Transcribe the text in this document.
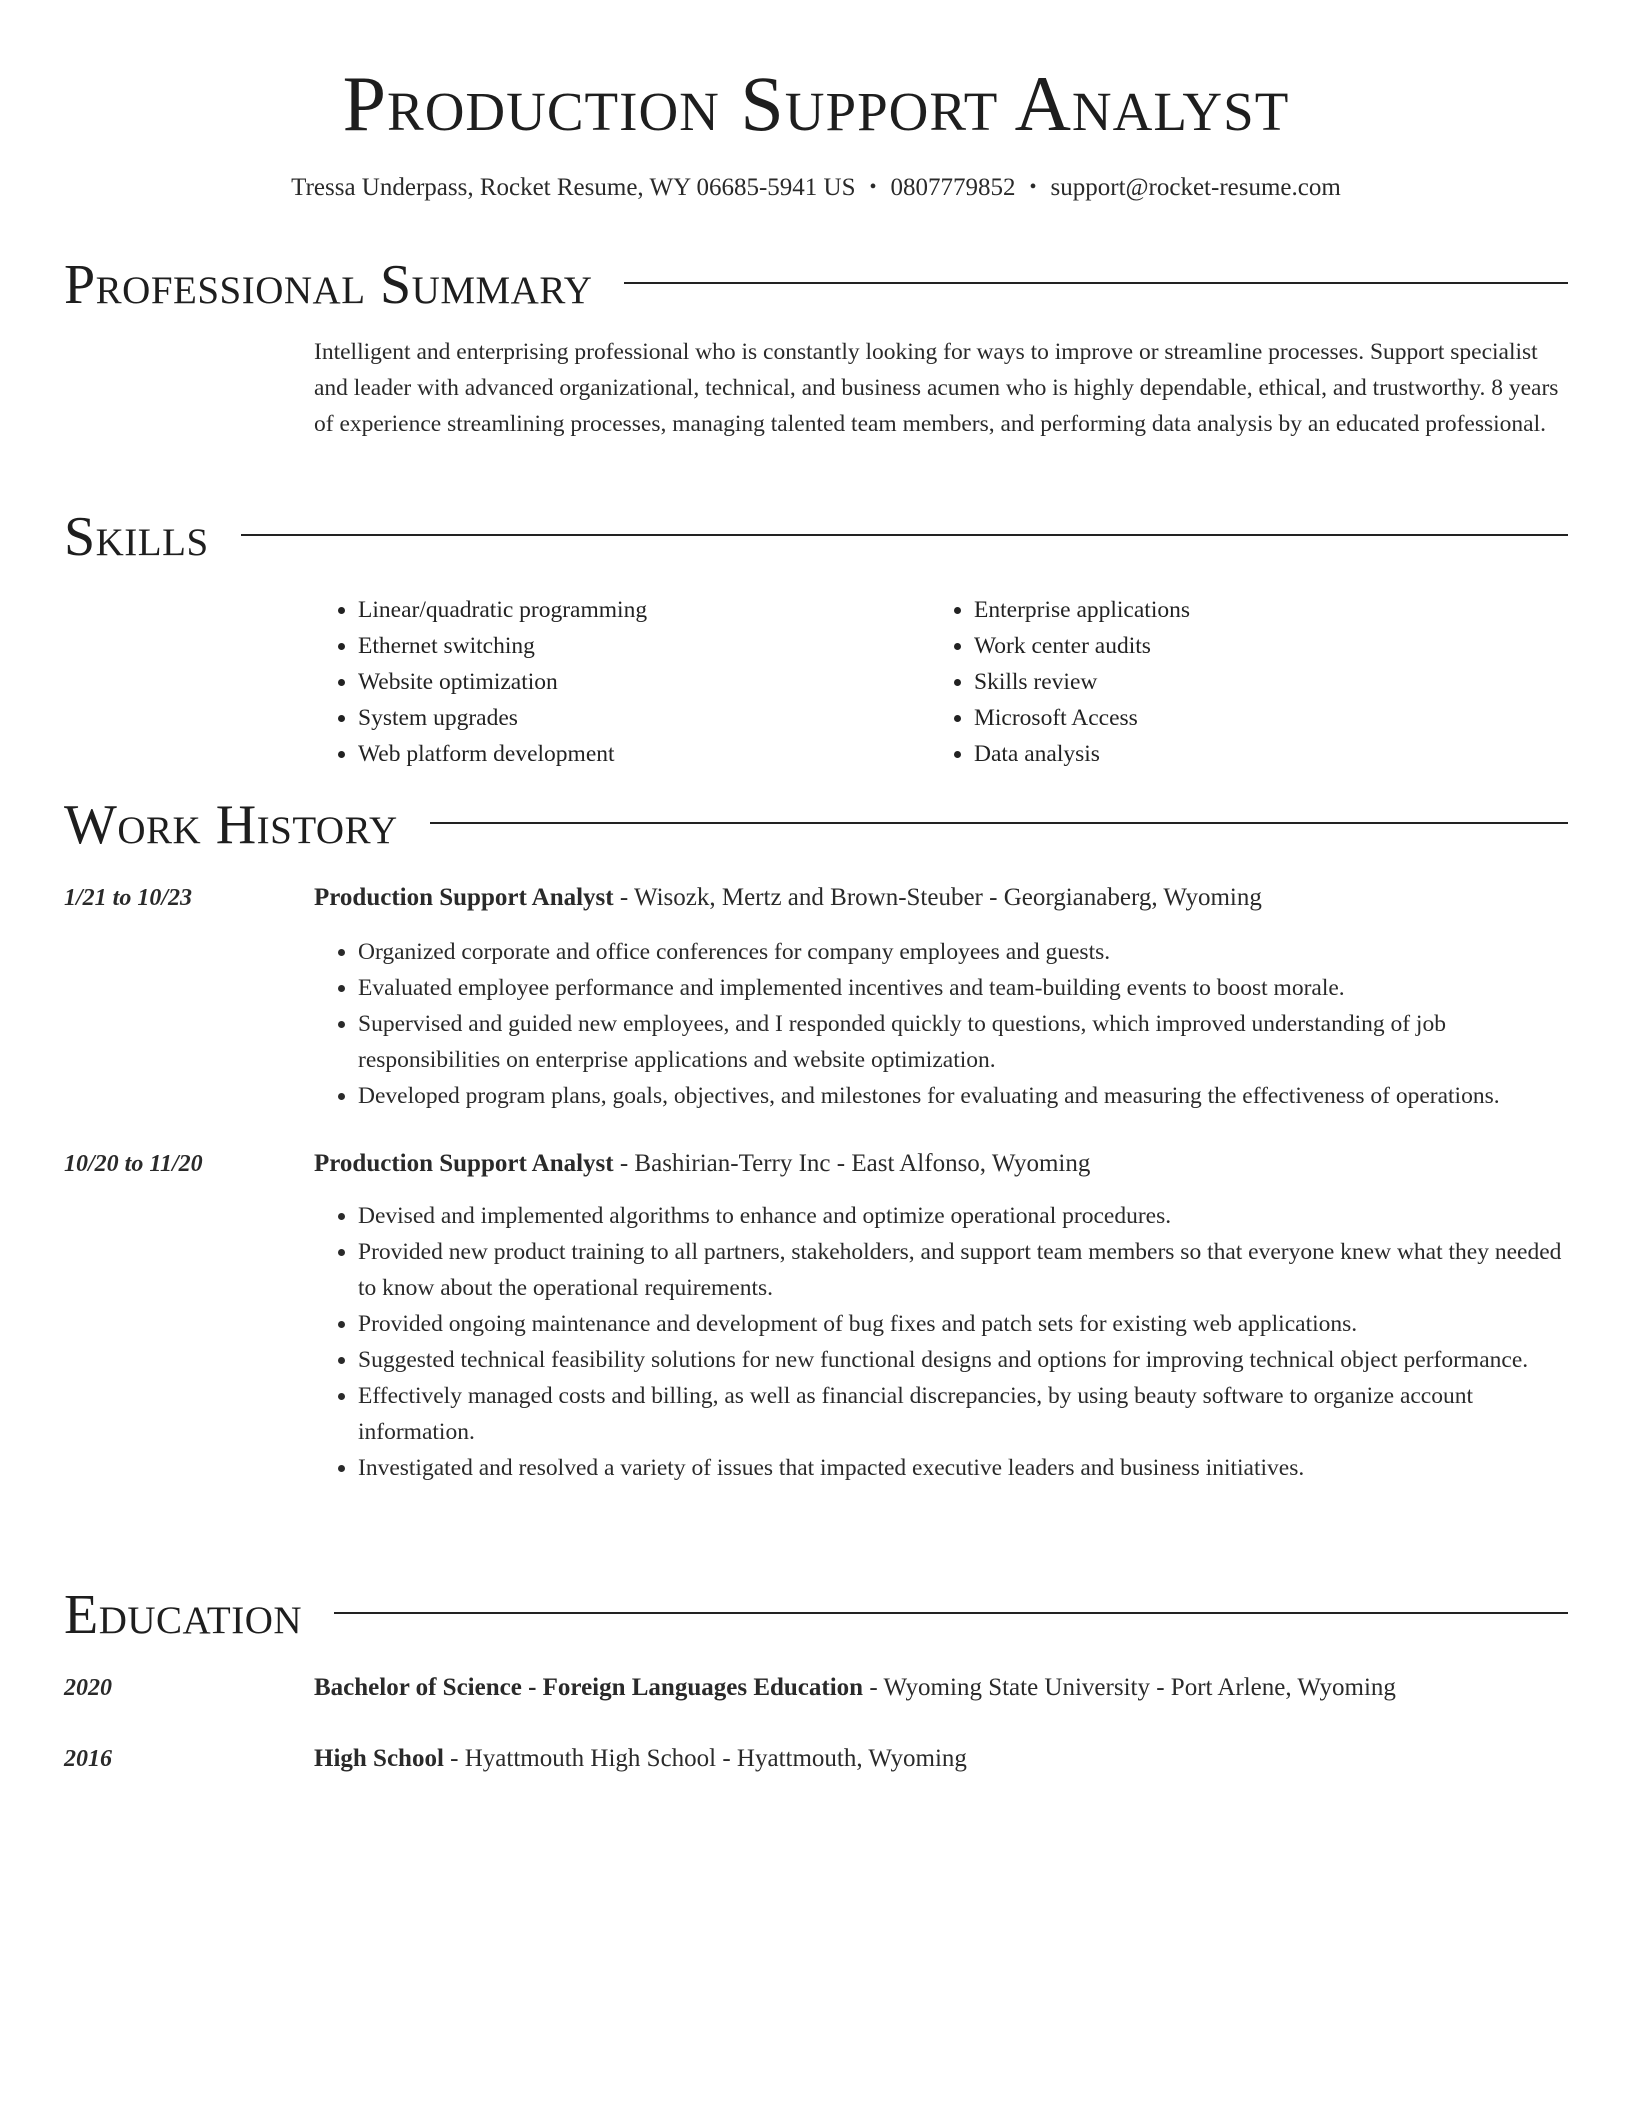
Production Support Analyst
Tressa Underpass, Rocket Resume, WY 06685-5941 US • 0807779852 • support@rocket-resume.com
Professional Summary
Intelligent and enterprising professional who is constantly looking for ways to improve or streamline processes. Support specialist and leader with advanced organizational, technical, and business acumen who is highly dependable, ethical, and trustworthy. 8 years of experience streamlining processes, managing talented team members, and performing data analysis by an educated professional.
Skills
• Linear/quadratic programming
• Ethernet switching
• Website optimization
• System upgrades
• Web platform development
• Enterprise applications
• Work center audits
• Skills review
• Microsoft Access
• Data analysis
Work History
1/21 to 10/23	Production Support Analyst - Wisozk, Mertz and Brown-Steuber - Georgianaberg, Wyoming
• Organized corporate and office conferences for company employees and guests.
• Evaluated employee performance and implemented incentives and team-building events to boost morale.
• Supervised and guided new employees, and I responded quickly to questions, which improved understanding of job responsibilities on enterprise applications and website optimization.
• Developed program plans, goals, objectives, and milestones for evaluating and measuring the effectiveness of operations.
10/20 to 11/20	Production Support Analyst - Bashirian-Terry Inc - East Alfonso, Wyoming
• Devised and implemented algorithms to enhance and optimize operational procedures.
• Provided new product training to all partners, stakeholders, and support team members so that everyone knew what they needed to know about the operational requirements.
• Provided ongoing maintenance and development of bug fixes and patch sets for existing web applications.
• Suggested technical feasibility solutions for new functional designs and options for improving technical object performance.
• Effectively managed costs and billing, as well as financial discrepancies, by using beauty software to organize account information.
• Investigated and resolved a variety of issues that impacted executive leaders and business initiatives.
Education
2020	Bachelor of Science - Foreign Languages Education - Wyoming State University - Port Arlene, Wyoming
2016	High School - Hyattmouth High School - Hyattmouth, Wyoming
